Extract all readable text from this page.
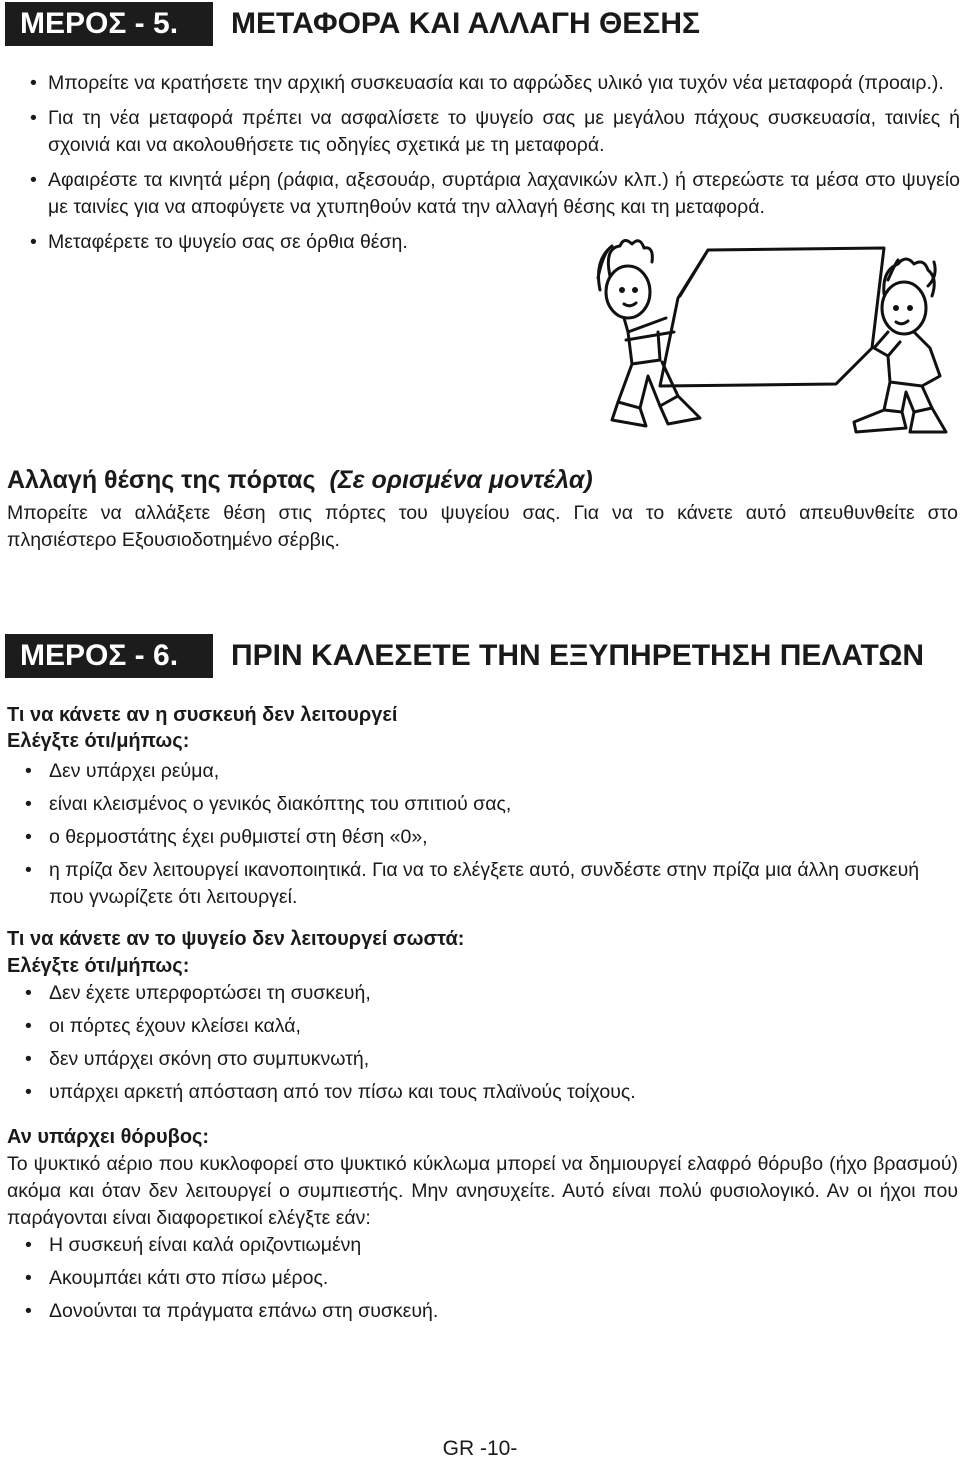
ΜΕΡΟΣ - 5.	ΜΕΤΑΦΟΡΑ ΚΑΙ ΑΛΛΑΓΗ ΘΕΣΗΣ
• Μπορείτε να κρατήσετε την αρχική συσκευασία και το αφρώδες υλικό για τυχόν νέα μεταφορά (προαιρ.).
• Για τη νέα μεταφορά πρέπει να ασφαλίσετε το ψυγείο σας με μεγάλου πάχους συσκευασία, ταινίες ή σχοινιά και να ακολουθήσετε τις οδηγίες σχετικά με τη μεταφορά.
• Αφαιρέστε τα κινητά μέρη (ράφια, αξεσουάρ, συρτάρια λαχανικών κλπ.) ή στερεώστε τα μέσα στο ψυγείο με ταινίες για να αποφύγετε να χτυπηθούν κατά την αλλαγή θέσης και τη μεταφορά.
• Μεταφέρετε το ψυγείο σας σε όρθια θέση.
Αλλαγή θέσης της πόρτας (Σε ορισμένα μοντέλα)
Μπορείτε να αλλάξετε θέση στις πόρτες του ψυγείου σας. Για να το κάνετε αυτό απευθυνθείτε στο πλησιέστερο Εξουσιοδοτημένο σέρβις.
ΜΕΡΟΣ - 6.	ΠΡΙΝ ΚΑΛΕΣΕΤΕ ΤΗΝ ΕΞΥΠΗΡΕΤΗΣΗ ΠΕΛΑΤΩΝ
Τι να κάνετε αν η συσκευή δεν λειτουργεί
Ελέγξτε ότι/μήπως:
• Δεν υπάρχει ρεύμα,
• είναι κλεισμένος ο γενικός διακόπτης του σπιτιού σας,
• ο θερμοστάτης έχει ρυθμιστεί στη θέση «0»,
• η πρίζα δεν λειτουργεί ικανοποιητικά. Για να το ελέγξετε αυτό, συνδέστε στην πρίζα μια άλλη συσκευή που γνωρίζετε ότι λειτουργεί.
Τι να κάνετε αν το ψυγείο δεν λειτουργεί σωστά:
Ελέγξτε ότι/μήπως:
• Δεν έχετε υπερφορτώσει τη συσκευή,
• οι πόρτες έχουν κλείσει καλά,
• δεν υπάρχει σκόνη στο συμπυκνωτή,
• υπάρχει αρκετή απόσταση από τον πίσω και τους πλαϊνούς τοίχους.
Αν υπάρχει θόρυβος:
Το ψυκτικό αέριο που κυκλοφορεί στο ψυκτικό κύκλωμα μπορεί να δημιουργεί ελαφρό θόρυβο (ήχο βρασμού) ακόμα και όταν δεν λειτουργεί ο συμπιεστής. Μην ανησυχείτε. Αυτό είναι πολύ φυσιολογικό. Αν οι ήχοι που παράγονται είναι διαφορετικοί ελέγξτε εάν:
• Η συσκευή είναι καλά οριζοντιωμένη
• Ακουμπάει κάτι στο πίσω μέρος.
• Δονούνται τα πράγματα επάνω στη συσκευή.
GR -10-
